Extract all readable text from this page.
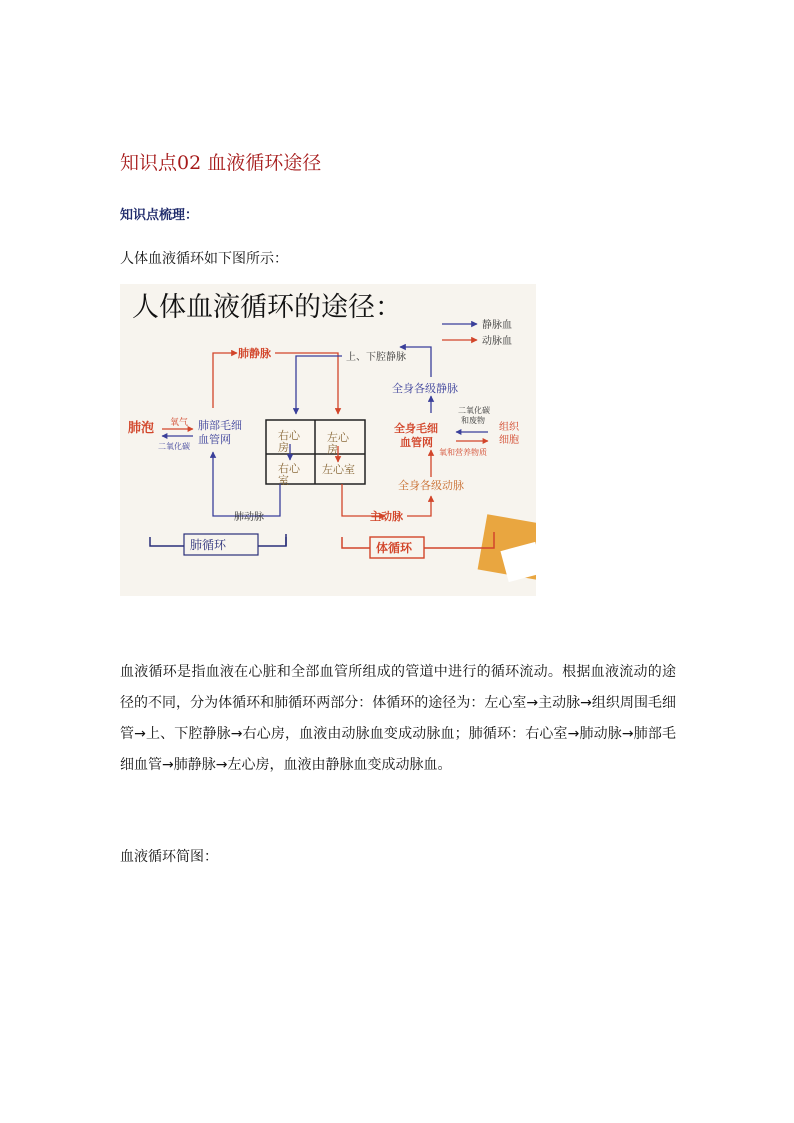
知识点02 血液循环途径
知识点梳理：
人体血液循环如下图所示：
人体血液循环的途径：
静脉血
动脉血
右心
房
左心
房
右心
室
左心室
肺静脉	上、下腔静脉
全身各级静脉
肺泡 氧气
二氧化碳
肺部毛细
血管网
二氧化碳
和废物
全身毛细
血管网
组织
细胞
氧和营养物质
全身各级动脉
肺动脉	主动脉
肺循环	体循环
血液循环是指血液在心脏和全部血管所组成的管道中进行的循环流动。根据血液流动的途径的不同，分为体循环和肺循环两部分：体循环的途径为：左心室→主动脉→组织周围毛细管→上、下腔静脉→右心房，血液由动脉血变成动脉血；肺循环：右心室→肺动脉→肺部毛细血管→肺静脉→左心房，血液由静脉血变成动脉血。
血液循环简图：
